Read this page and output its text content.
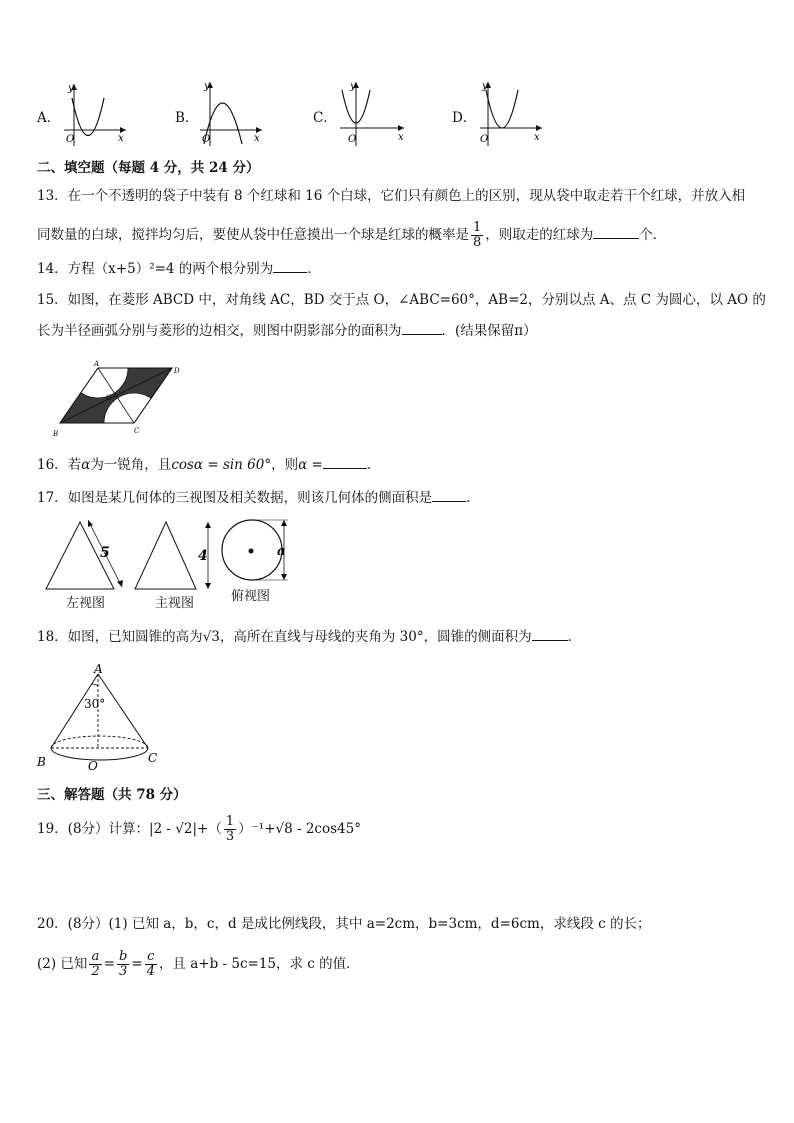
A．	B．	C．	D．
y
x
O
y
x
O
y
x
O
y
x
O
二、填空题（每题 4 分，共 24 分）
13．在一个不透明的袋子中装有 8 个红球和 16 个白球，它们只有颜色上的区别，现从袋中取走若干个红球，并放入相
同数量的白球，搅拌均匀后，要使从袋中任意摸出一个球是红球的概率是 $\frac{1}{8}$ ，则取走的红球为	个．
14．方程（x+5）²=4 的两个根分别为	．
15．如图，在菱形 ABCD 中，对角线 AC，BD 交于点 O，∠ABC=60°，AB=2，分别以点 A、点 C 为圆心，以 AO 的
长为半径画弧分别与菱形的边相交，则图中阴影部分的面积为	．(结果保留π）
A
D
B	C
O
16．若α为一锐角，且cosα = sin 60°，则α =	．
17．如图是某几何体的三视图及相关数据，则该几何体的侧面积是	．
5	4	a
左视图	主视图	俯视图
18．如图，已知圆锥的高为√3，高所在直线与母线的夹角为 30°，圆锥的侧面积为	．
A
B	C
O
30°
三、解答题（共 78 分）
19．(8分）计算：$|2 - √2|+( \frac{1}{3} )^{-1}+√8 - 2\cos 45^\circ$
20．(8分）(1) 已知 a，b，c，d 是成比例线段，其中 a=2cm，b=3cm，d=6cm，求线段 c 的长；
(2) 已知 $\frac{a}{2} = \frac{b}{3} = \frac{c}{4}$ ，且 a+b - 5c=15，求 c 的值．
